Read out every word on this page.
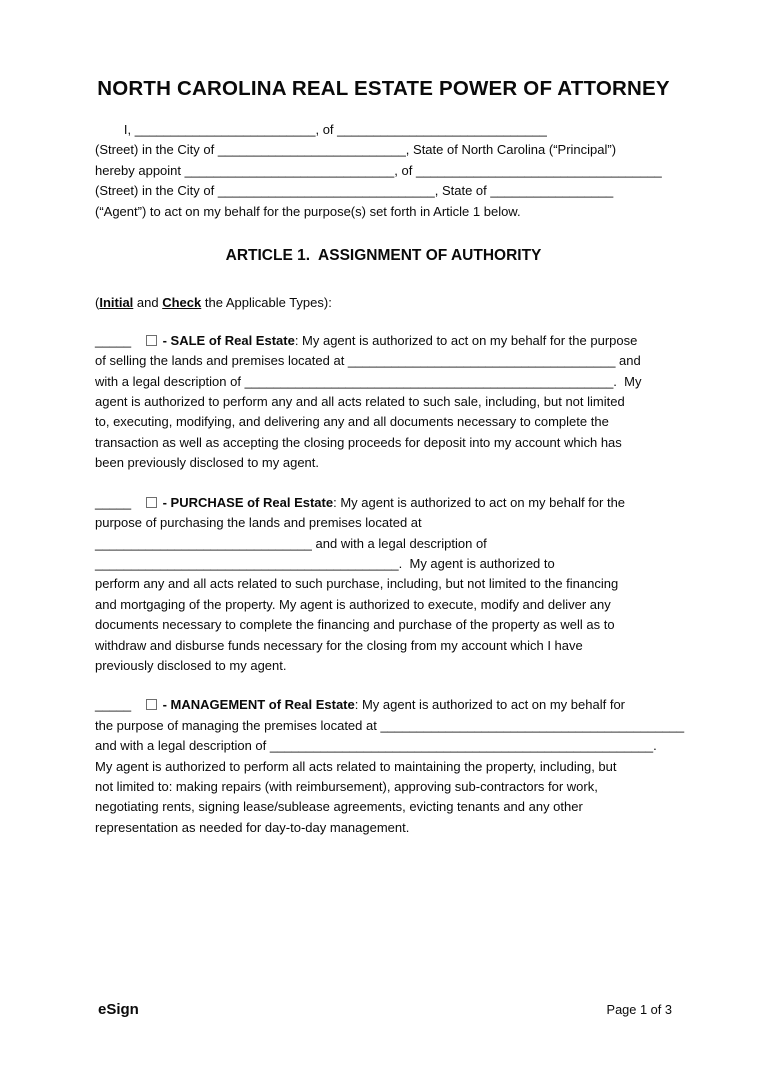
NORTH CAROLINA REAL ESTATE POWER OF ATTORNEY
I, _________________________, of _____________________________
(Street) in the City of __________________________, State of North Carolina (“Principal”)
hereby appoint _____________________________, of __________________________________
(Street) in the City of ______________________________, State of _________________
(“Agent”) to act on my behalf for the purpose(s) set forth in Article 1 below.
ARTICLE 1.  ASSIGNMENT OF AUTHORITY

(Initial and Check the Applicable Types):

_____    - SALE of Real Estate: My agent is authorized to act on my behalf for the purpose
of selling the lands and premises located at _____________________________________ and
with a legal description of ___________________________________________________.  My
agent is authorized to perform any and all acts related to such sale, including, but not limited
to, executing, modifying, and delivering any and all documents necessary to complete the
transaction as well as accepting the closing proceeds for deposit into my account which has
been previously disclosed to my agent.
_____    - PURCHASE of Real Estate: My agent is authorized to act on my behalf for the
purpose of purchasing the lands and premises located at
______________________________ and with a legal description of
__________________________________________.  My agent is authorized to
perform any and all acts related to such purchase, including, but not limited to the financing
and mortgaging of the property. My agent is authorized to execute, modify and deliver any
documents necessary to complete the financing and purchase of the property as well as to
withdraw and disburse funds necessary for the closing from my account which I have
previously disclosed to my agent.
_____    - MANAGEMENT of Real Estate: My agent is authorized to act on my behalf for
the purpose of managing the premises located at __________________________________________
and with a legal description of _____________________________________________________.
My agent is authorized to perform all acts related to maintaining the property, including, but
not limited to: making repairs (with reimbursement), approving sub-contractors for work,
negotiating rents, signing lease/sublease agreements, evicting tenants and any other
representation as needed for day-to-day management.
eSign	Page 1 of 3
